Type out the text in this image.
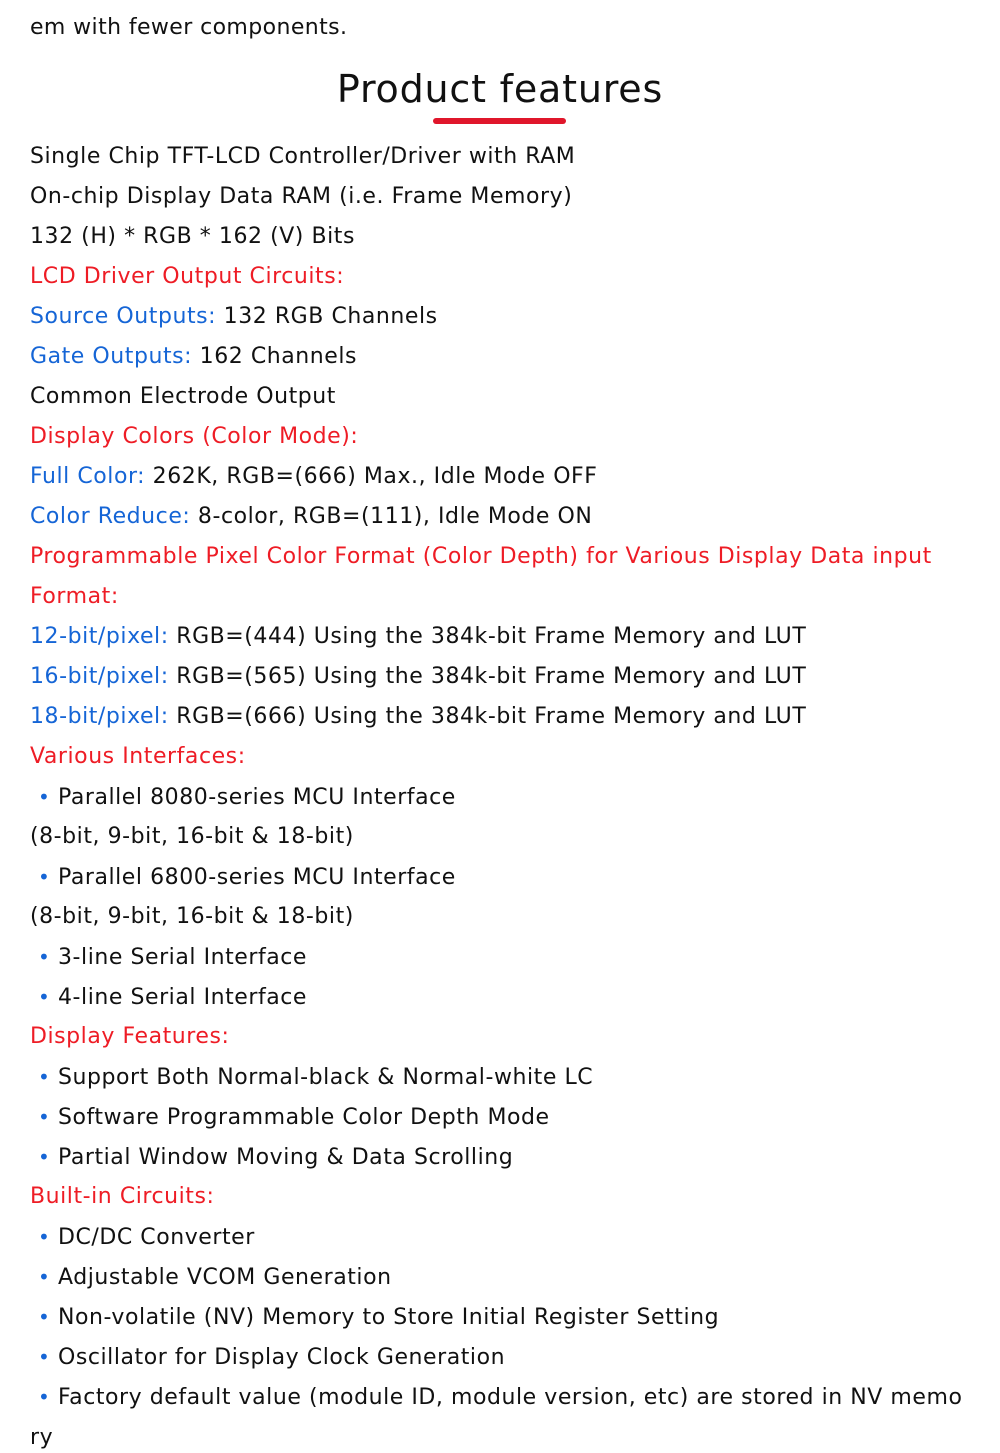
em with fewer components.
Product features
Single Chip TFT-LCD Controller/Driver with RAM
On-chip Display Data RAM (i.e. Frame Memory)
132 (H) * RGB * 162 (V) Bits
LCD Driver Output Circuits:
Source Outputs: 132 RGB Channels
Gate Outputs: 162 Channels
Common Electrode Output
Display Colors (Color Mode):
Full Color: 262K, RGB=(666) Max., Idle Mode OFF
Color Reduce: 8-color, RGB=(111), Idle Mode ON
Programmable Pixel Color Format (Color Depth) for Various Display Data input
Format:
12-bit/pixel: RGB=(444) Using the 384k-bit Frame Memory and LUT
16-bit/pixel: RGB=(565) Using the 384k-bit Frame Memory and LUT
18-bit/pixel: RGB=(666) Using the 384k-bit Frame Memory and LUT
Various Interfaces:
• Parallel 8080-series MCU Interface
(8-bit, 9-bit, 16-bit & 18-bit)
• Parallel 6800-series MCU Interface
(8-bit, 9-bit, 16-bit & 18-bit)
• 3-line Serial Interface
• 4-line Serial Interface
Display Features:
• Support Both Normal-black & Normal-white LC
• Software Programmable Color Depth Mode
• Partial Window Moving & Data Scrolling
Built-in Circuits:
• DC/DC Converter
• Adjustable VCOM Generation
• Non-volatile (NV) Memory to Store Initial Register Setting
• Oscillator for Display Clock Generation
• Factory default value (module ID, module version, etc) are stored in NV memo
ry
